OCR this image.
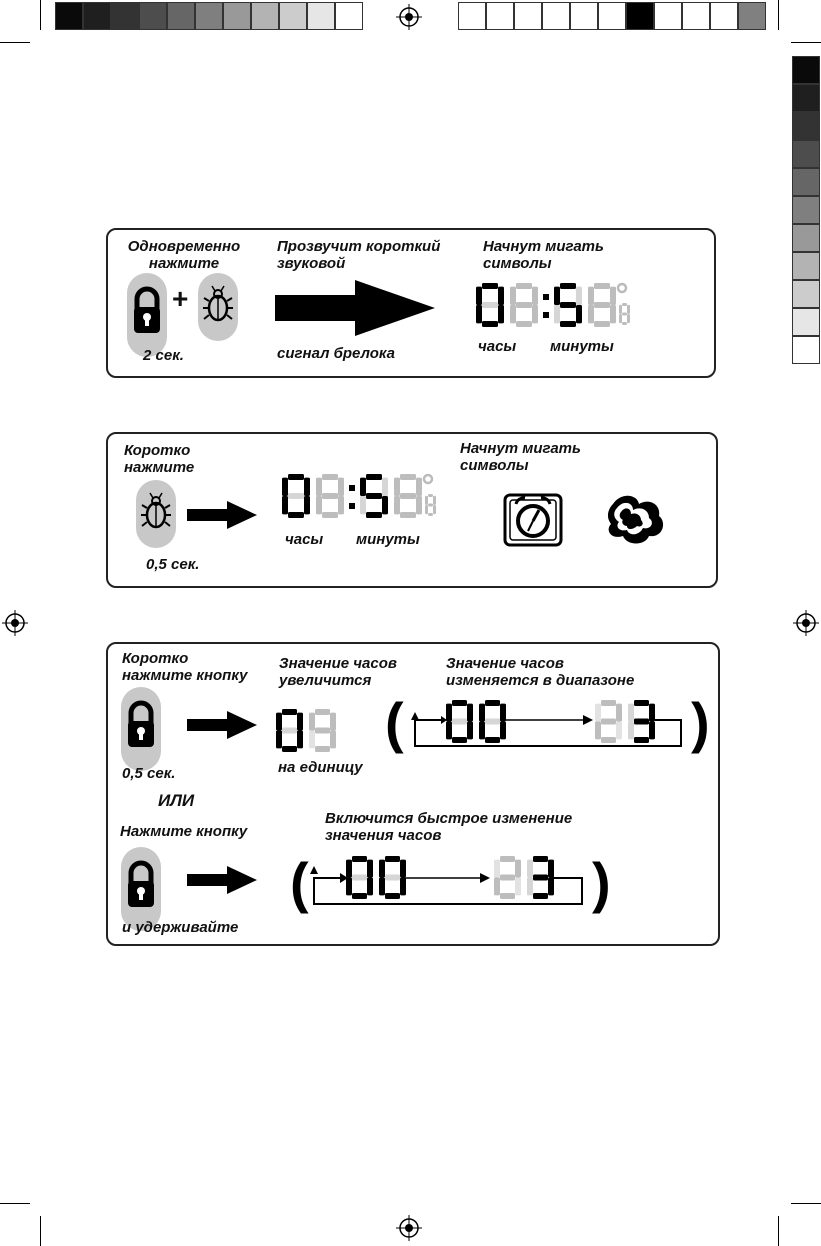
Одновременно
нажмите
+
2 сек.
Прозвучит короткий
звуковой
сигнал брелока
Начнут мигать
символы
часы минуты
Коротко
нажмите
0,5 сек.
часы минуты
Начнут мигать
символы
Коротко
нажмите кнопку
0,5 сек.
Значение часов
увеличится
на единицу
Значение часов
изменяется в диапазоне
(	)
ИЛИ
Нажмите кнопку
и удерживайте
Включится быстрое изменение
значения часов
(	)
